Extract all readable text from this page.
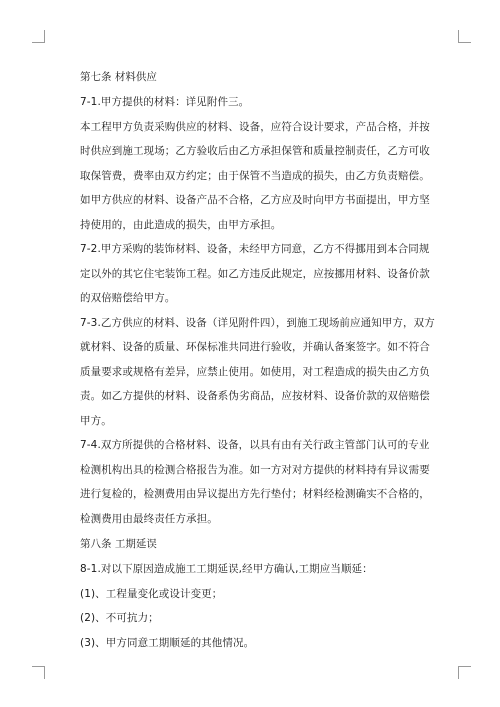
第七条 材料供应

7-1.甲方提供的材料：详见附件三。

本工程甲方负责采购供应的材料、设备，应符合设计要求，产品合格，并按时供应到施工现场；乙方验收后由乙方承担保管和质量控制责任，乙方可收取保管费，费率由双方约定；由于保管不当造成的损失，由乙方负责赔偿。如甲方供应的材料、设备产品不合格，乙方应及时向甲方书面提出，甲方坚持使用的，由此造成的损失，由甲方承担。

7-2.甲方采购的装饰材料、设备，未经甲方同意，乙方不得挪用到本合同规定以外的其它住宅装饰工程。如乙方违反此规定，应按挪用材料、设备价款的双倍赔偿给甲方。

7-3.乙方供应的材料、设备（详见附件四），到施工现场前应通知甲方，双方就材料、设备的质量、环保标准共同进行验收，并确认备案签字。如不符合质量要求或规格有差异，应禁止使用。如使用，对工程造成的损失由乙方负责。如乙方提供的材料、设备系伪劣商品，应按材料、设备价款的双倍赔偿甲方。

7-4.双方所提供的合格材料、设备，以具有由有关行政主管部门认可的专业检测机构出具的检测合格报告为准。如一方对对方提供的材料持有异议需要进行复检的，检测费用由异议提出方先行垫付；材料经检测确实不合格的，检测费用由最终责任方承担。

第八条 工期延误

8-1.对以下原因造成施工工期延误,经甲方确认,工期应当顺延：

(1)、工程量变化或设计变更；

(2)、不可抗力；

(3)、甲方同意工期顺延的其他情况。
